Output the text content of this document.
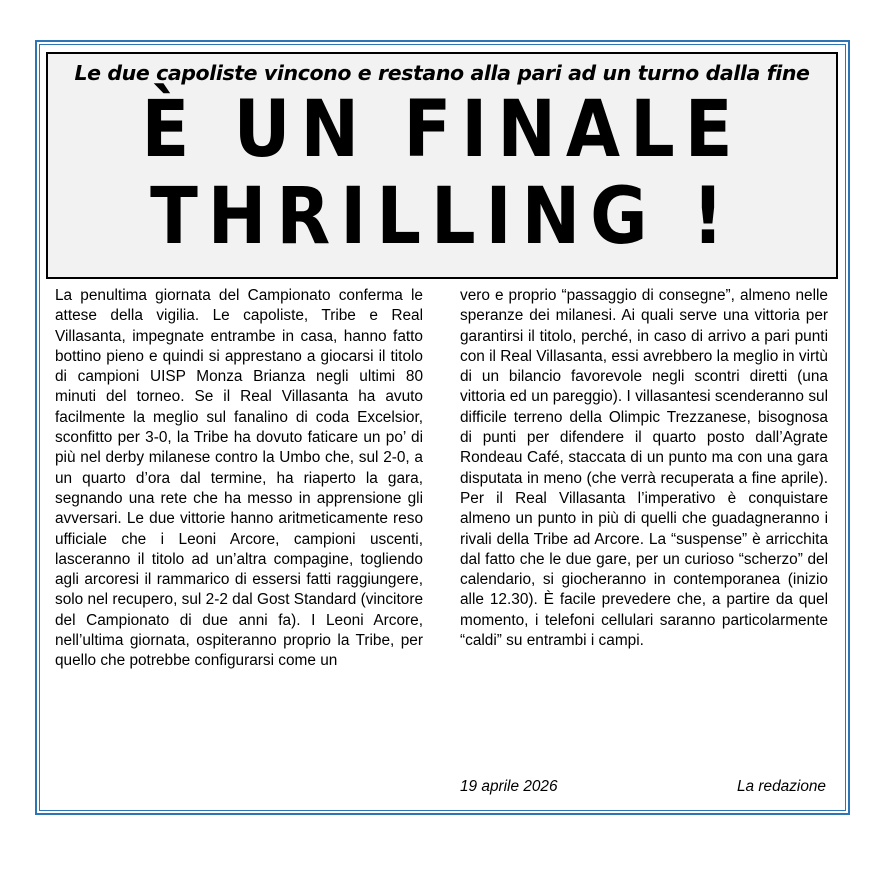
Le due capoliste vincono e restano alla pari ad un turno dalla fine
È UN FINALE
THRILLING !
La penultima giornata del Campionato conferma le attese della vigilia. Le capoliste, Tribe e Real Villasanta, impegnate entrambe in casa, hanno fatto bottino pieno e quindi si apprestano a giocarsi il titolo di campioni UISP Monza Brianza negli ultimi 80 minuti del torneo. Se il Real Villasanta ha avuto facilmente la meglio sul fanalino di coda Excelsior, sconfitto per 3-0, la Tribe ha dovuto faticare un po’ di più nel derby milanese contro la Umbo che, sul 2-0, a un quarto d’ora dal termine, ha riaperto la gara, segnando una rete che ha messo in apprensione gli avversari. Le due vittorie hanno aritmeticamente reso ufficiale che i Leoni Arcore, campioni uscenti, lasceranno il titolo ad un’altra compagine, togliendo agli arcoresi il rammarico di essersi fatti raggiungere, solo nel recupero, sul 2-2 dal Gost Standard (vincitore del Campionato di due anni fa). I Leoni Arcore, nell’ultima giornata, ospiteranno proprio la Tribe, per quello che potrebbe configurarsi come un
vero e proprio “passaggio di consegne”, almeno nelle speranze dei milanesi. Ai quali serve una vittoria per garantirsi il titolo, perché, in caso di arrivo a pari punti con il Real Villasanta, essi avrebbero la meglio in virtù di un bilancio favorevole negli scontri diretti (una vittoria ed un pareggio). I villasantesi scenderanno sul difficile terreno della Olimpic Trezzanese, bisognosa di punti per difendere il quarto posto dall’Agrate Rondeau Café, staccata di un punto ma con una gara disputata in meno (che verrà recuperata a fine aprile). Per il Real Villasanta l’imperativo è conquistare almeno un punto in più di quelli che guadagneranno i rivali della Tribe ad Arcore. La “suspense” è arricchita dal fatto che le due gare, per un curioso “scherzo” del calendario, si giocheranno in contemporanea (inizio alle 12.30). È facile prevedere che, a partire da quel momento, i telefoni cellulari saranno particolarmente “caldi” su entrambi i campi.
19 aprile 2026	La redazione
